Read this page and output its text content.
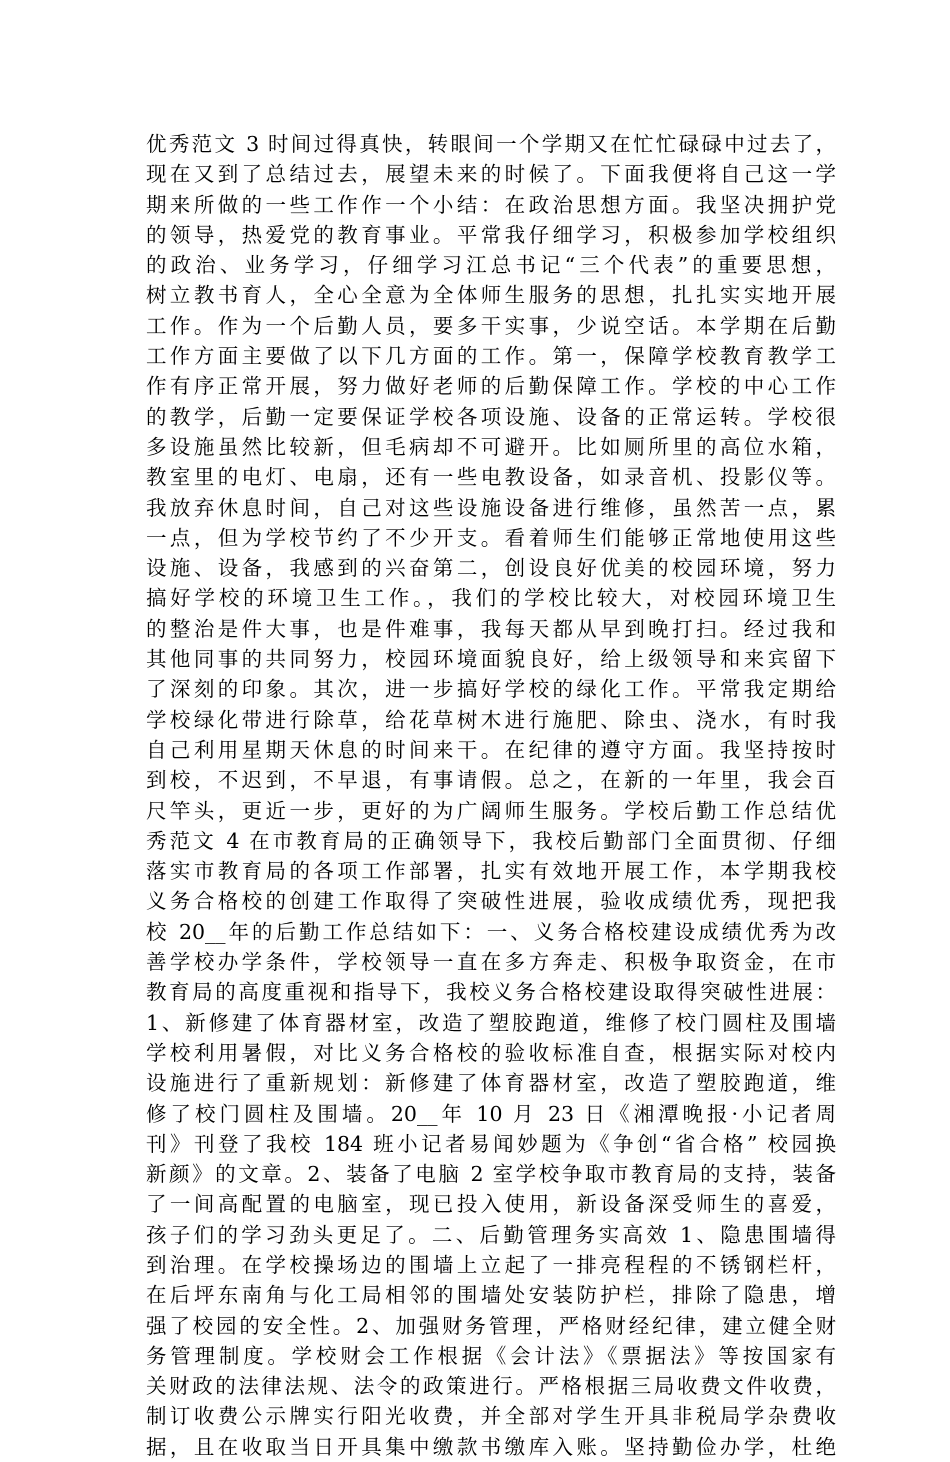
优秀范文 3 时间过得真快，转眼间一个学期又在忙忙碌碌中过去了，
现在又到了总结过去，展望未来的时候了。下面我便将自己这一学
期来所做的一些工作作一个小结：在政治思想方面。我坚决拥护党
的领导，热爱党的教育事业。平常我仔细学习，积极参加学校组织
的政治、业务学习，仔细学习江总书记“三个代表”的重要思想，
树立教书育人，全心全意为全体师生服务的思想，扎扎实实地开展
工作。作为一个后勤人员，要多干实事，少说空话。本学期在后勤
工作方面主要做了以下几方面的工作。第一，保障学校教育教学工
作有序正常开展，努力做好老师的后勤保障工作。学校的中心工作
的教学，后勤一定要保证学校各项设施、设备的正常运转。学校很
多设施虽然比较新，但毛病却不可避开。比如厕所里的高位水箱，
教室里的电灯、电扇，还有一些电教设备，如录音机、投影仪等。
我放弃休息时间，自己对这些设施设备进行维修，虽然苦一点，累
一点，但为学校节约了不少开支。看着师生们能够正常地使用这些
设施、设备，我感到的兴奋第二，创设良好优美的校园环境，努力
搞好学校的环境卫生工作。，我们的学校比较大，对校园环境卫生
的整治是件大事，也是件难事，我每天都从早到晚打扫。经过我和
其他同事的共同努力，校园环境面貌良好，给上级领导和来宾留下
了深刻的印象。其次，进一步搞好学校的绿化工作。平常我定期给
学校绿化带进行除草，给花草树木进行施肥、除虫、浇水，有时我
自己利用星期天休息的时间来干。在纪律的遵守方面。我坚持按时
到校，不迟到，不早退，有事请假。总之，在新的一年里，我会百
尺竿头，更近一步，更好的为广阔师生服务。学校后勤工作总结优
秀范文 4 在市教育局的正确领导下，我校后勤部门全面贯彻、仔细
落实市教育局的各项工作部署，扎实有效地开展工作，本学期我校
义务合格校的创建工作取得了突破性进展，验收成绩优秀，现把我
校 20__年的后勤工作总结如下：一、义务合格校建设成绩优秀为改
善学校办学条件，学校领导一直在多方奔走、积极争取资金，在市
教育局的高度重视和指导下，我校义务合格校建设取得突破性进展：
1、新修建了体育器材室，改造了塑胶跑道，维修了校门圆柱及围墙
学校利用暑假，对比义务合格校的验收标准自查，根据实际对校内
设施进行了重新规划：新修建了体育器材室，改造了塑胶跑道，维
修了校门圆柱及围墙。20__年 10 月 23 日《湘潭晚报·小记者周
刊》刊登了我校 184 班小记者易闻妙题为《争创“省合格” 校园换
新颜》的文章。2、装备了电脑 2 室学校争取市教育局的支持，装备
了一间高配置的电脑室，现已投入使用，新设备深受师生的喜爱，
孩子们的学习劲头更足了。二、后勤管理务实高效 1、隐患围墙得
到治理。在学校操场边的围墙上立起了一排亮程程的不锈钢栏杆，
在后坪东南角与化工局相邻的围墙处安装防护栏，排除了隐患，增
强了校园的安全性。2、加强财务管理，严格财经纪律，建立健全财
务管理制度。学校财会工作根据《会计法》《票据法》等按国家有
关财政的法律法规、法令的政策进行。严格根据三局收费文件收费，
制订收费公示牌实行阳光收费，并全部对学生开具非税局学杂费收
据，且在收取当日开具集中缴款书缴库入账。坚持勤俭办学，杜绝
